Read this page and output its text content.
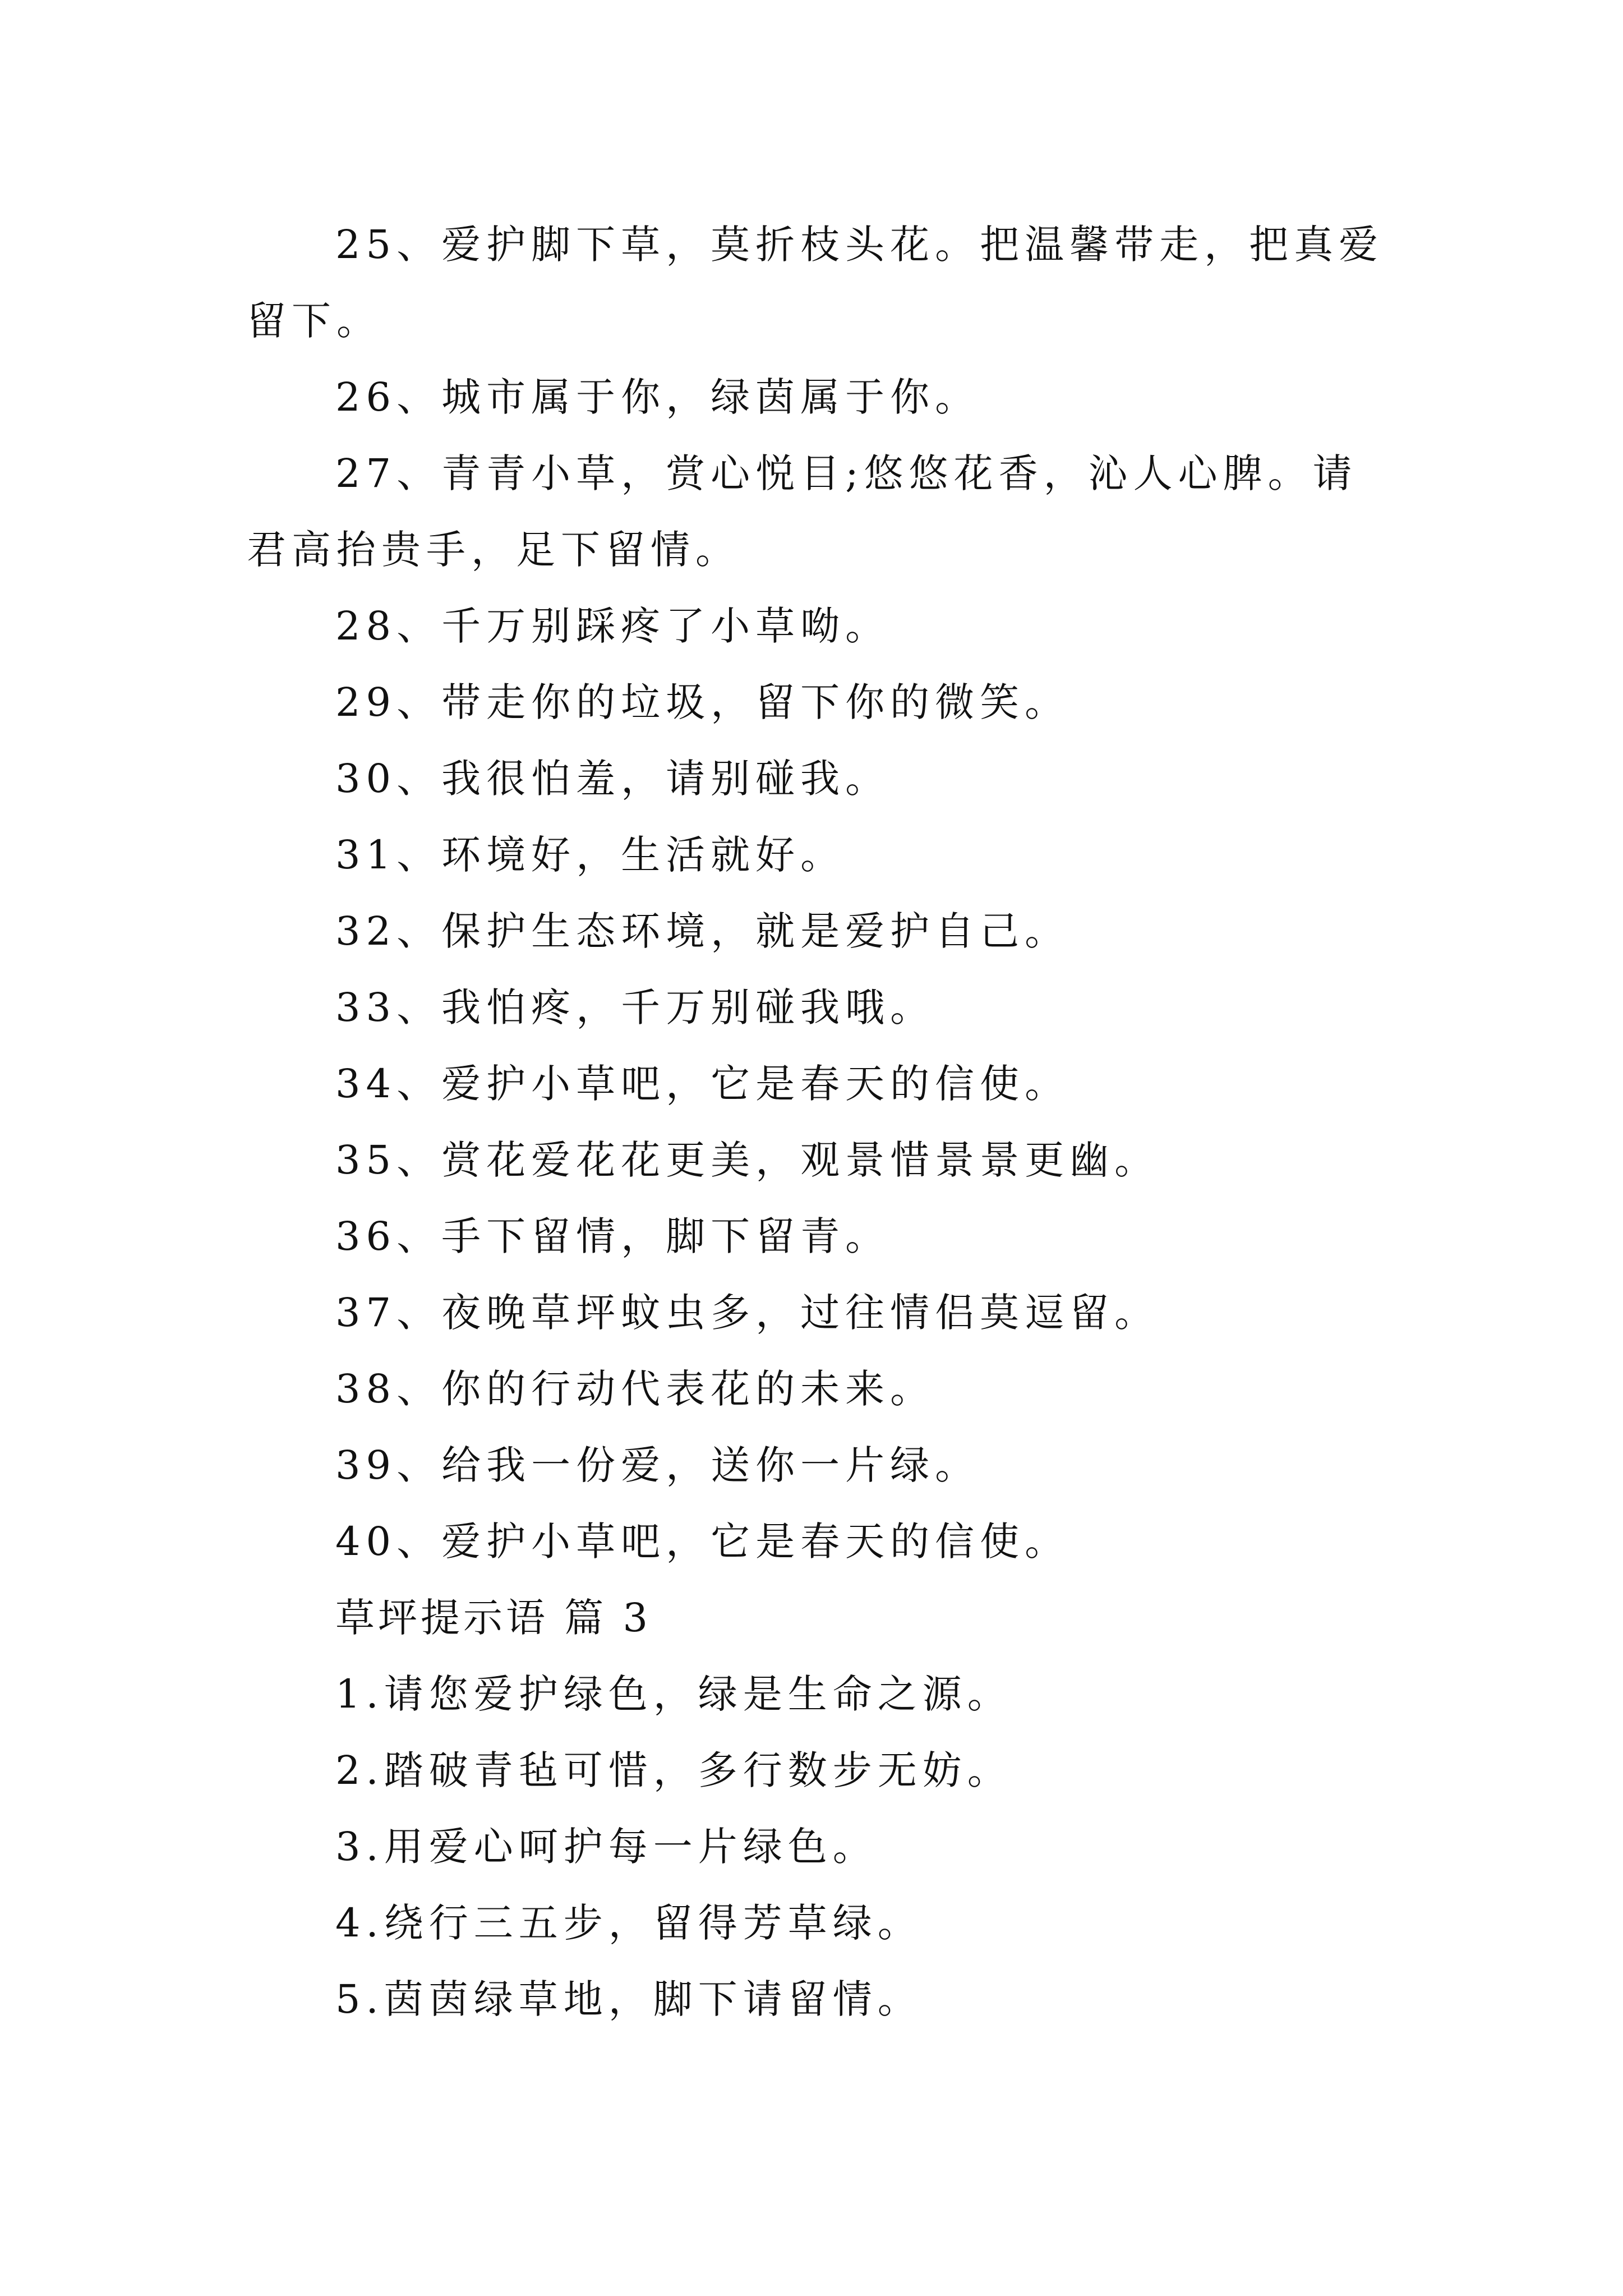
25、爱护脚下草，莫折枝头花。把温馨带走，把真爱留下。

26、城市属于你，绿茵属于你。

27、青青小草，赏心悦目;悠悠花香，沁人心脾。请君高抬贵手，足下留情。

28、千万别踩疼了小草呦。

29、带走你的垃圾，留下你的微笑。

30、我很怕羞，请别碰我。

31、环境好，生活就好。

32、保护生态环境，就是爱护自己。

33、我怕疼，千万别碰我哦。

34、爱护小草吧，它是春天的信使。

35、赏花爱花花更美，观景惜景景更幽。

36、手下留情，脚下留青。

37、夜晚草坪蚊虫多，过往情侣莫逗留。

38、你的行动代表花的未来。

39、给我一份爱，送你一片绿。

40、爱护小草吧，它是春天的信使。

草坪提示语 篇 3

1.请您爱护绿色，绿是生命之源。

2.踏破青毡可惜，多行数步无妨。

3.用爱心呵护每一片绿色。

4.绕行三五步，留得芳草绿。

5.茵茵绿草地，脚下请留情。
